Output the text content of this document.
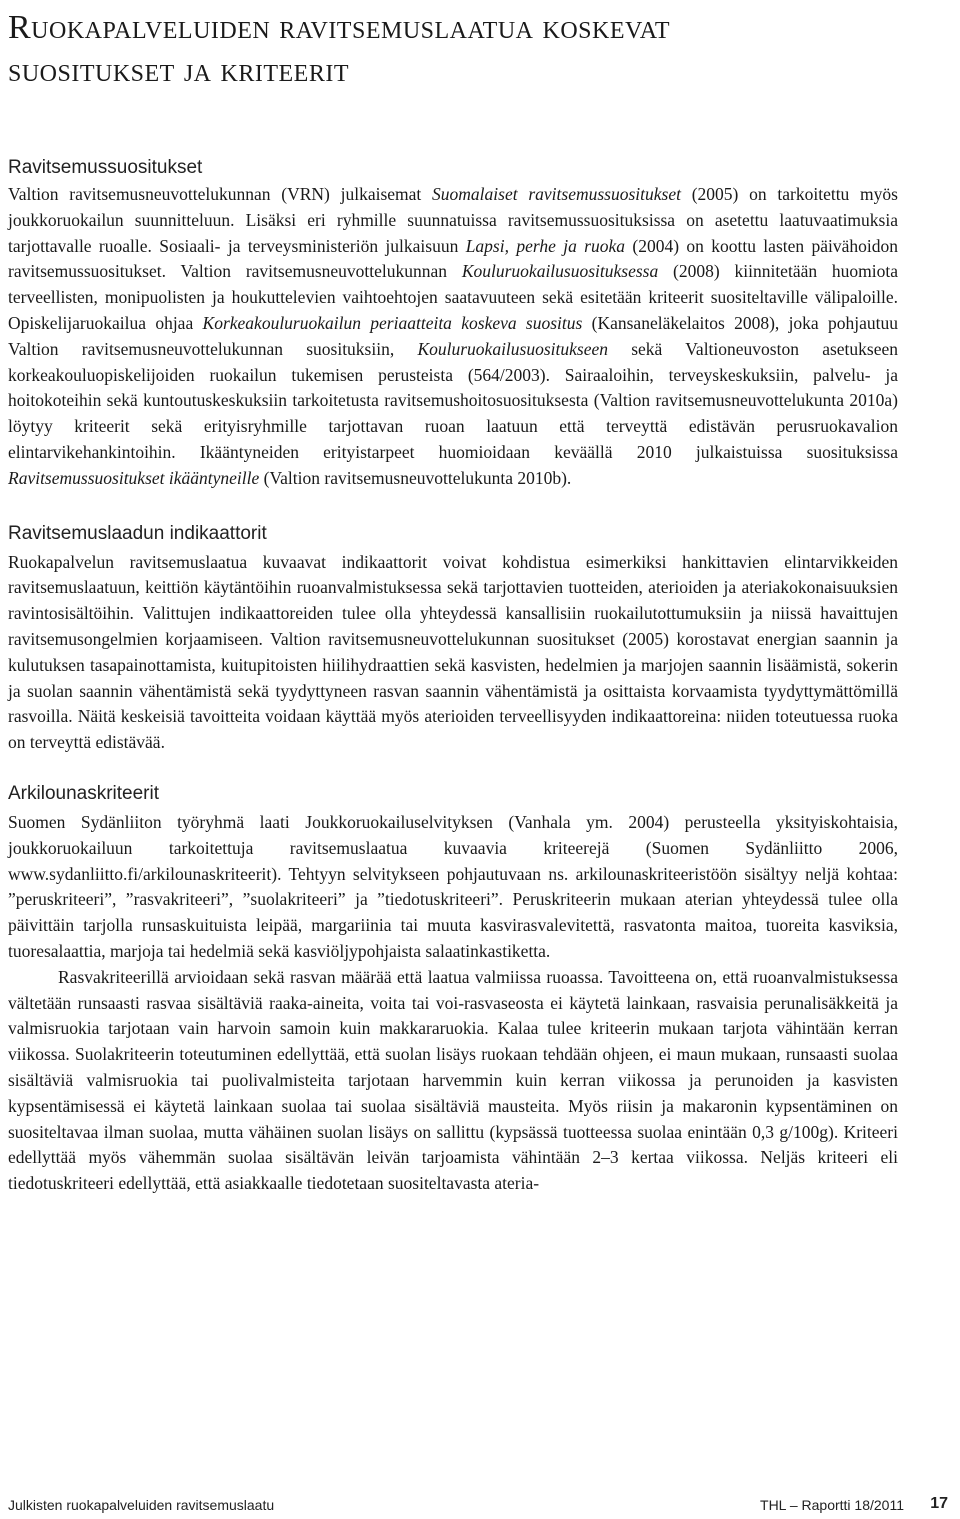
Ruokapalveluiden ravitsemuslaatua koskevat
suositukset ja kriteerit
Ravitsemussuositukset

Valtion ravitsemusneuvottelukunnan (VRN) julkaisemat Suomalaiset ravitsemussuositukset (2005) on tarkoitettu myös joukkoruokailun suunnitteluun. Lisäksi eri ryhmille suunnatuissa ravitsemussuosituksissa on asetettu laatuvaatimuksia tarjottavalle ruoalle. Sosiaali- ja terveysministeriön julkaisuun Lapsi, perhe ja ruoka (2004) on koottu lasten päivähoidon ravitsemussuositukset. Valtion ravitsemusneuvottelukunnan Kouluruokailusuosituksessa (2008) kiinnitetään huomiota terveellisten, monipuolisten ja houkuttelevien vaihtoehtojen saatavuuteen sekä esitetään kriteerit suositeltaville välipaloille. Opiskelijaruokailua ohjaa Korkeakouluruokailun periaatteita koskeva suositus (Kansaneläkelaitos 2008), joka pohjautuu Valtion ravitsemusneuvottelukunnan suosituksiin, Kouluruokailusuositukseen sekä Valtioneuvoston asetukseen korkeakouluopiskelijoiden ruokailun tukemisen perusteista (564/2003). Sairaaloihin, terveyskeskuksiin, palvelu- ja hoitokoteihin sekä kuntoutuskeskuksiin tarkoitetusta ravitsemushoitosuosituksesta (Valtion ravitsemusneuvottelukunta 2010a) löytyy kriteerit sekä erityisryhmille tarjottavan ruoan laatuun että terveyttä edistävän perusruokavalion elintarvikehankintoihin. Ikääntyneiden erityistarpeet huomioidaan keväällä 2010 julkaistuissa suosituksissa Ravitsemussuositukset ikääntyneille (Valtion ravitsemusneuvottelukunta 2010b).

Ravitsemuslaadun indikaattorit

Ruokapalvelun ravitsemuslaatua kuvaavat indikaattorit voivat kohdistua esimerkiksi hankittavien elintarvikkeiden ravitsemuslaatuun, keittiön käytäntöihin ruoanvalmistuksessa sekä tarjottavien tuotteiden, aterioiden ja ateriakokonaisuuksien ravintosisältöihin. Valittujen indikaattoreiden tulee olla yhteydessä kansallisiin ruokailutottumuksiin ja niissä havaittujen ravitsemusongelmien korjaamiseen. Valtion ravitsemusneuvottelukunnan suositukset (2005) korostavat energian saannin ja kulutuksen tasapainottamista, kuitupitoisten hiilihydraattien sekä kasvisten, hedelmien ja marjojen saannin lisäämistä, sokerin ja suolan saannin vähentämistä sekä tyydyttyneen rasvan saannin vähentämistä ja osittaista korvaamista tyydyttymättömillä rasvoilla. Näitä keskeisiä tavoitteita voidaan käyttää myös aterioiden terveellisyyden indikaattoreina: niiden toteutuessa ruoka on terveyttä edistävää.

Arkilounaskriteerit

Suomen Sydänliiton työryhmä laati Joukkoruokailuselvityksen (Vanhala ym. 2004) perusteella yksityiskohtaisia, joukkoruokailuun tarkoitettuja ravitsemuslaatua kuvaavia kriteerejä (Suomen Sydänliitto 2006, www.sydanliitto.fi/arkilounaskriteerit). Tehtyyn selvitykseen pohjautuvaan ns. arkilounaskriteeristöön sisältyy neljä kohtaa: ”peruskriteeri”, ”rasvakriteeri”, ”suolakriteeri” ja ”tiedotuskriteeri”. Peruskriteerin mukaan aterian yhteydessä tulee olla päivittäin tarjolla runsaskuituista leipää, margariinia tai muuta kasvirasvalevitettä, rasvatonta maitoa, tuoreita kasviksia, tuoresalaattia, marjoja tai hedelmiä sekä kasviöljypohjaista salaatinkastiketta.

Rasvakriteerillä arvioidaan sekä rasvan määrää että laatua valmiissa ruoassa. Tavoitteena on, että ruoanvalmistuksessa vältetään runsaasti rasvaa sisältäviä raaka-aineita, voita tai voi-rasvaseosta ei käytetä lainkaan, rasvaisia perunalisäkkeitä ja valmisruokia tarjotaan vain harvoin samoin kuin makkararuokia. Kalaa tulee kriteerin mukaan tarjota vähintään kerran viikossa. Suolakriteerin toteutuminen edellyttää, että suolan lisäys ruokaan tehdään ohjeen, ei maun mukaan, runsaasti suolaa sisältäviä valmisruokia tai puolivalmisteita tarjotaan harvemmin kuin kerran viikossa ja perunoiden ja kasvisten kypsentämisessä ei käytetä lainkaan suolaa tai suolaa sisältäviä mausteita. Myös riisin ja makaronin kypsentäminen on suositeltavaa ilman suolaa, mutta vähäinen suolan lisäys on sallittu (kypsässä tuotteessa suolaa enintään 0,3 g/100g). Kriteeri edellyttää myös vähemmän suolaa sisältävän leivän tarjoamista vähintään 2–3 kertaa viikossa. Neljäs kriteeri eli tiedotuskriteeri edellyttää, että asiakkaalle tiedotetaan suositeltavasta ateria-

Julkisten ruokapalveluiden ravitsemuslaatu	THL – Raportti 18/2011 17
